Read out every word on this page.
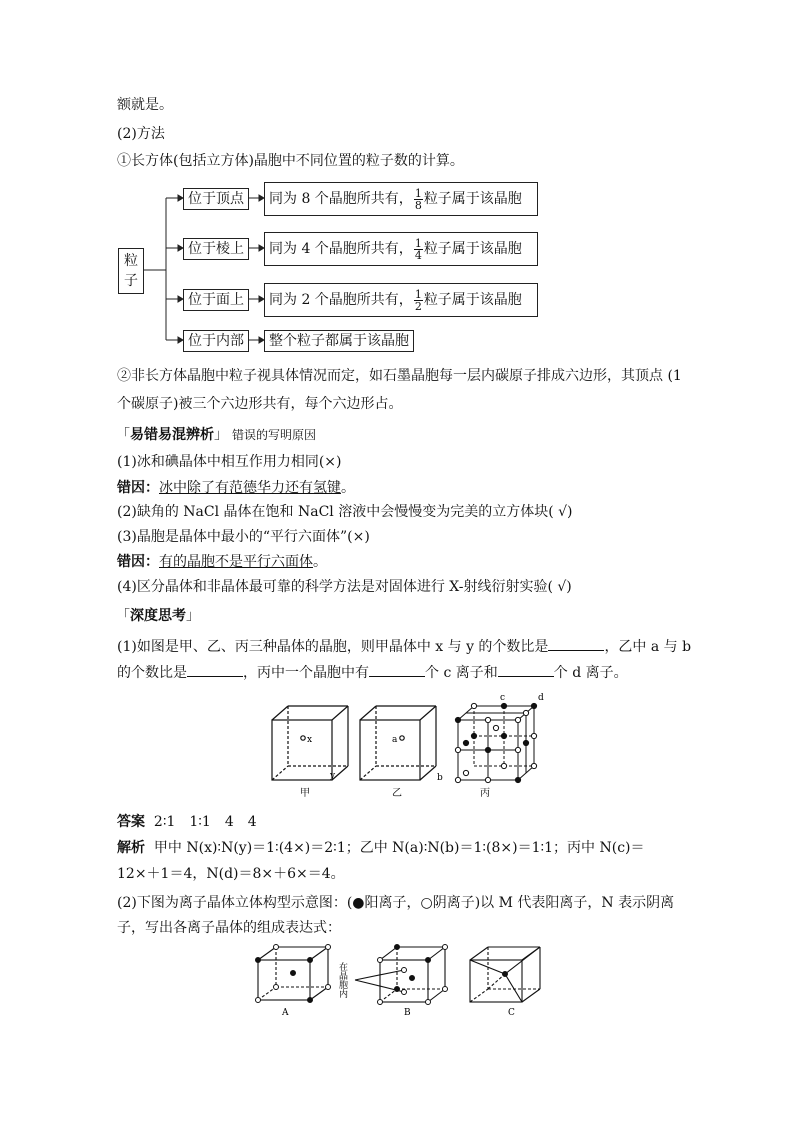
额就是。
(2)方法
①长方体(包括立方体)晶胞中不同位置的粒子数的计算。
粒
子
位于顶点
位于棱上
位于面上
位于内部
同为 8 个晶胞所共有， $\frac{1}{8}$ 粒子属于该晶胞
同为 4 个晶胞所共有， $\frac{1}{4}$ 粒子属于该晶胞
同为 2 个晶胞所共有， $\frac{1}{2}$ 粒子属于该晶胞
整个粒子都属于该晶胞
②非长方体晶胞中粒子视具体情况而定，如石墨晶胞每一层内碳原子排成六边形，其顶点 (1
个碳原子)被三个六边形共有，每个六边形占。
「易错易混辨析」 错误的写明原因
(1)冰和碘晶体中相互作用力相同(×)
错因：冰中除了有范德华力还有氢键。
(2)缺角的 NaCl 晶体在饱和 NaCl 溶液中会慢慢变为完美的立方体块( √)
(3)晶胞是晶体中最小的“平行六面体”(×)
错因：有的晶胞不是平行六面体。
(4)区分晶体和非晶体最可靠的科学方法是对固体进行 X-射线衍射实验( √)
「深度思考」
(1)如图是甲、乙、丙三种晶体的晶胞，则甲晶体中 x 与 y 的个数比是	，乙中 a 与 b
的个数比是	，丙中一个晶胞中有	个 c 离子和	个 d 离子。
x
y
甲
a
b
乙
c	d
丙
答案 2∶1　1∶1　4　4
解析 甲中 N(x)∶N(y)＝1∶(4×)＝2∶1；乙中 N(a)∶N(b)＝1∶(8×)＝1∶1；丙中 N(c)＝
12×＋1＝4，N(d)＝8×＋6×＝4。
(2)下图为离子晶体立体构型示意图：(●阳离子，○阴离子)以 M 代表阳离子，N 表示阴离
子，写出各离子晶体的组成表达式：
A
在晶胞内
B	C
